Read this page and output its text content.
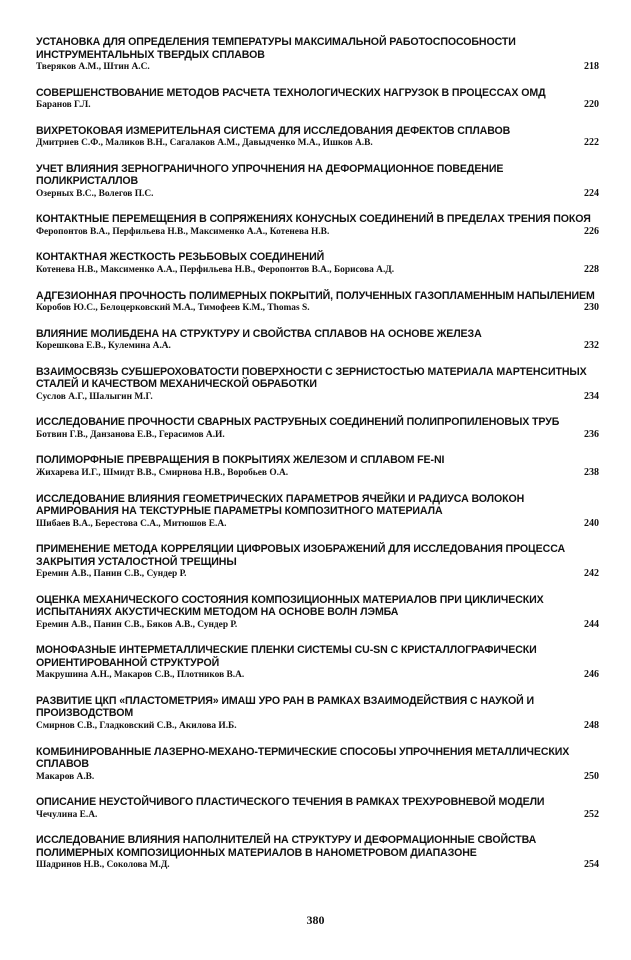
УСТАНОВКА ДЛЯ ОПРЕДЕЛЕНИЯ ТЕМПЕРАТУРЫ МАКСИМАЛЬНОЙ РАБОТОСПОСОБНОСТИ ИНСТРУМЕНТАЛЬНЫХ ТВЕРДЫХ СПЛАВОВ
Тверяков А.М., Штин А.С.	218
СОВЕРШЕНСТВОВАНИЕ МЕТОДОВ РАСЧЕТА ТЕХНОЛОГИЧЕСКИХ НАГРУЗОК В ПРОЦЕССАХ ОМД
Баранов Г.Л.	220
ВИХРЕТОКОВАЯ ИЗМЕРИТЕЛЬНАЯ СИСТЕМА ДЛЯ ИССЛЕДОВАНИЯ ДЕФЕКТОВ СПЛАВОВ
Дмитриев С.Ф., Маликов В.Н., Сагалаков А.М., Давыдченко М.А., Ишков А.В.	222
УЧЕТ ВЛИЯНИЯ ЗЕРНОГРАНИЧНОГО УПРОЧНЕНИЯ НА ДЕФОРМАЦИОННОЕ ПОВЕДЕНИЕ ПОЛИКРИСТАЛЛОВ
Озерных В.С., Волегов П.С.	224
КОНТАКТНЫЕ ПЕРЕМЕЩЕНИЯ В СОПРЯЖЕНИЯХ КОНУСНЫХ СОЕДИНЕНИЙ В ПРЕДЕЛАХ ТРЕНИЯ ПОКОЯ
Феропонтов В.А., Перфильева Н.В., Максименко А.А., Котенева Н.В.	226
КОНТАКТНАЯ ЖЕСТКОСТЬ РЕЗЬБОВЫХ СОЕДИНЕНИЙ
Котенева Н.В., Максименко А.А., Перфильева Н.В., Феропонтов В.А., Борисова А.Д.	228
АДГЕЗИОННАЯ ПРОЧНОСТЬ ПОЛИМЕРНЫХ ПОКРЫТИЙ, ПОЛУЧЕННЫХ ГАЗОПЛАМЕННЫМ НАПЫЛЕНИЕМ
Коробов Ю.С., Белоцерковский М.А., Тимофеев К.М., Thomas S.	230
ВЛИЯНИЕ МОЛИБДЕНА НА СТРУКТУРУ И СВОЙСТВА СПЛАВОВ НА ОСНОВЕ ЖЕЛЕЗА
Корешкова Е.В., Кулемина А.А.	232
ВЗАИМОСВЯЗЬ СУБШЕРОХОВАТОСТИ ПОВЕРХНОСТИ С ЗЕРНИСТОСТЬЮ МАТЕРИАЛА МАРТЕНСИТНЫХ СТАЛЕЙ И КАЧЕСТВОМ МЕХАНИЧЕСКОЙ ОБРАБОТКИ
Суслов А.Г., Шалыгин М.Г.	234
ИССЛЕДОВАНИЕ ПРОЧНОСТИ СВАРНЫХ РАСТРУБНЫХ СОЕДИНЕНИЙ ПОЛИПРОПИЛЕНОВЫХ ТРУБ
Ботвин Г.В., Данзанова Е.В., Герасимов А.И.	236
ПОЛИМОРФНЫЕ ПРЕВРАЩЕНИЯ В ПОКРЫТИЯХ ЖЕЛЕЗОМ И СПЛАВОМ FE-NI
Жихарева И.Г., Шмидт В.В., Смирнова Н.В., Воробьев О.А.	238
ИССЛЕДОВАНИЕ ВЛИЯНИЯ ГЕОМЕТРИЧЕСКИХ ПАРАМЕТРОВ ЯЧЕЙКИ И РАДИУСА ВОЛОКОН АРМИРОВАНИЯ НА ТЕКСТУРНЫЕ ПАРАМЕТРЫ КОМПОЗИТНОГО МАТЕРИАЛА
Шибаев В.А., Берестова С.А., Митюшов Е.А.	240
ПРИМЕНЕНИЕ МЕТОДА КОРРЕЛЯЦИИ ЦИФРОВЫХ ИЗОБРАЖЕНИЙ ДЛЯ ИССЛЕДОВАНИЯ ПРОЦЕССА ЗАКРЫТИЯ УСТАЛОСТНОЙ ТРЕЩИНЫ
Еремин А.В., Панин С.В., Сундер Р.	242
ОЦЕНКА МЕХАНИЧЕСКОГО СОСТОЯНИЯ КОМПОЗИЦИОННЫХ МАТЕРИАЛОВ ПРИ ЦИКЛИЧЕСКИХ ИСПЫТАНИЯХ АКУСТИЧЕСКИМ МЕТОДОМ НА ОСНОВЕ ВОЛН ЛЭМБА
Еремин А.В., Панин С.В., Бяков А.В., Сундер Р.	244
МОНОФАЗНЫЕ ИНТЕРМЕТАЛЛИЧЕСКИЕ ПЛЕНКИ СИСТЕМЫ CU-SN С КРИСТАЛЛОГРАФИЧЕСКИ ОРИЕНТИРОВАННОЙ СТРУКТУРОЙ
Макрушина А.Н., Макаров С.В., Плотников В.А.	246
РАЗВИТИЕ ЦКП «ПЛАСТОМЕТРИЯ» ИМАШ УРО РАН В РАМКАХ ВЗАИМОДЕЙСТВИЯ С НАУКОЙ И ПРОИЗВОДСТВОМ
Смирнов С.В., Гладковский С.В., Акилова И.Б.	248
КОМБИНИРОВАННЫЕ ЛАЗЕРНО-МЕХАНО-ТЕРМИЧЕСКИЕ СПОСОБЫ УПРОЧНЕНИЯ МЕТАЛЛИЧЕСКИХ СПЛАВОВ
Макаров А.В.	250
ОПИСАНИЕ НЕУСТОЙЧИВОГО ПЛАСТИЧЕСКОГО ТЕЧЕНИЯ В РАМКАХ ТРЕХУРОВНЕВОЙ МОДЕЛИ
Чечулина Е.А.	252
ИССЛЕДОВАНИЕ ВЛИЯНИЯ НАПОЛНИТЕЛЕЙ НА СТРУКТУРУ И ДЕФОРМАЦИОННЫЕ СВОЙСТВА ПОЛИМЕРНЫХ КОМПОЗИЦИОННЫХ МАТЕРИАЛОВ В НАНОМЕТРОВОМ ДИАПАЗОНЕ
Шадринов Н.В., Соколова М.Д.	254
380
